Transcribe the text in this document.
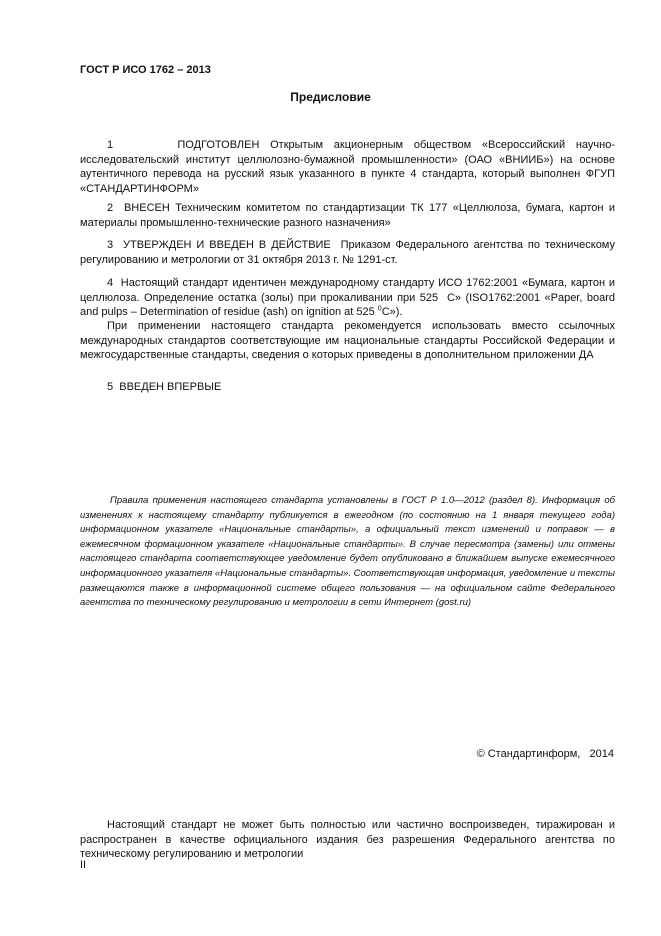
ГОСТ Р ИСО 1762 – 2013
Предисловие

1      ПОДГОТОВЛЕН Открытым акционерным обществом «Всероссийский научно-исследовательский институт целлюлозно-бумажной промышленности» (ОАО «ВНИИБ») на основе аутентичного перевода на русский язык указанного в пункте 4 стандарта, который выполнен ФГУП «СТАНДАРТИНФОРМ»

2  ВНЕСЕН Техническим комитетом по стандартизации ТК 177 «Целлюлоза, бумага, картон и материалы промышленно-технические разного назначения»

3  УТВЕРЖДЕН И ВВЕДЕН В ДЕЙСТВИЕ  Приказом Федерального агентства по техническому регулированию и метрологии от 31 октября 2013 г. № 1291-ст.

4  Настоящий стандарт идентичен международному стандарту ИСО 1762:2001 «Бумага, картон и целлюлоза. Определение остатка (золы) при прокаливании при 525  С» (ISO1762:2001 «Paper, board and pulps – Determination of residue (ash) on ignition at 525 $^0$С»).

При применении настоящего стандарта рекомендуется использовать вместо ссылочных международных стандартов соответствующие им национальные стандарты Российской Федерации и межгосударственные стандарты, сведения о которых приведены в дополнительном приложении ДА

5  ВВЕДЕН ВПЕРВЫЕ

Правила применения настоящего стандарта установлены в ГОСТ Р 1.0—2012 (раздел 8). Информация об изменениях к настоящему стандарту публикуется в ежегодном (по состоянию на 1 января текущего года) информационном указателе «Национальные стандарты», а официальный текст изменений и поправок — в ежемесячном формационном указателе «Национальные стандарты». В случае пересмотра (замены) или отмены настоящего стандарта соответствующее уведомление будет опубликовано в ближайшем выпуске ежемесячного информационного указателя «Национальные стандарты». Соответствующая информация, уведомление и тексты размещаются также в информационной системе общего пользования — на официальном сайте Федерального агентства по техническому регулированию и метрологии в сети Интернет (gost.ru)

© Стандартинформ,   2014

Настоящий стандарт не может быть полностью или частично воспроизведен, тиражирован и распространен в качестве официального издания без разрешения Федерального агентства по техническому регулированию и метрологии

II
